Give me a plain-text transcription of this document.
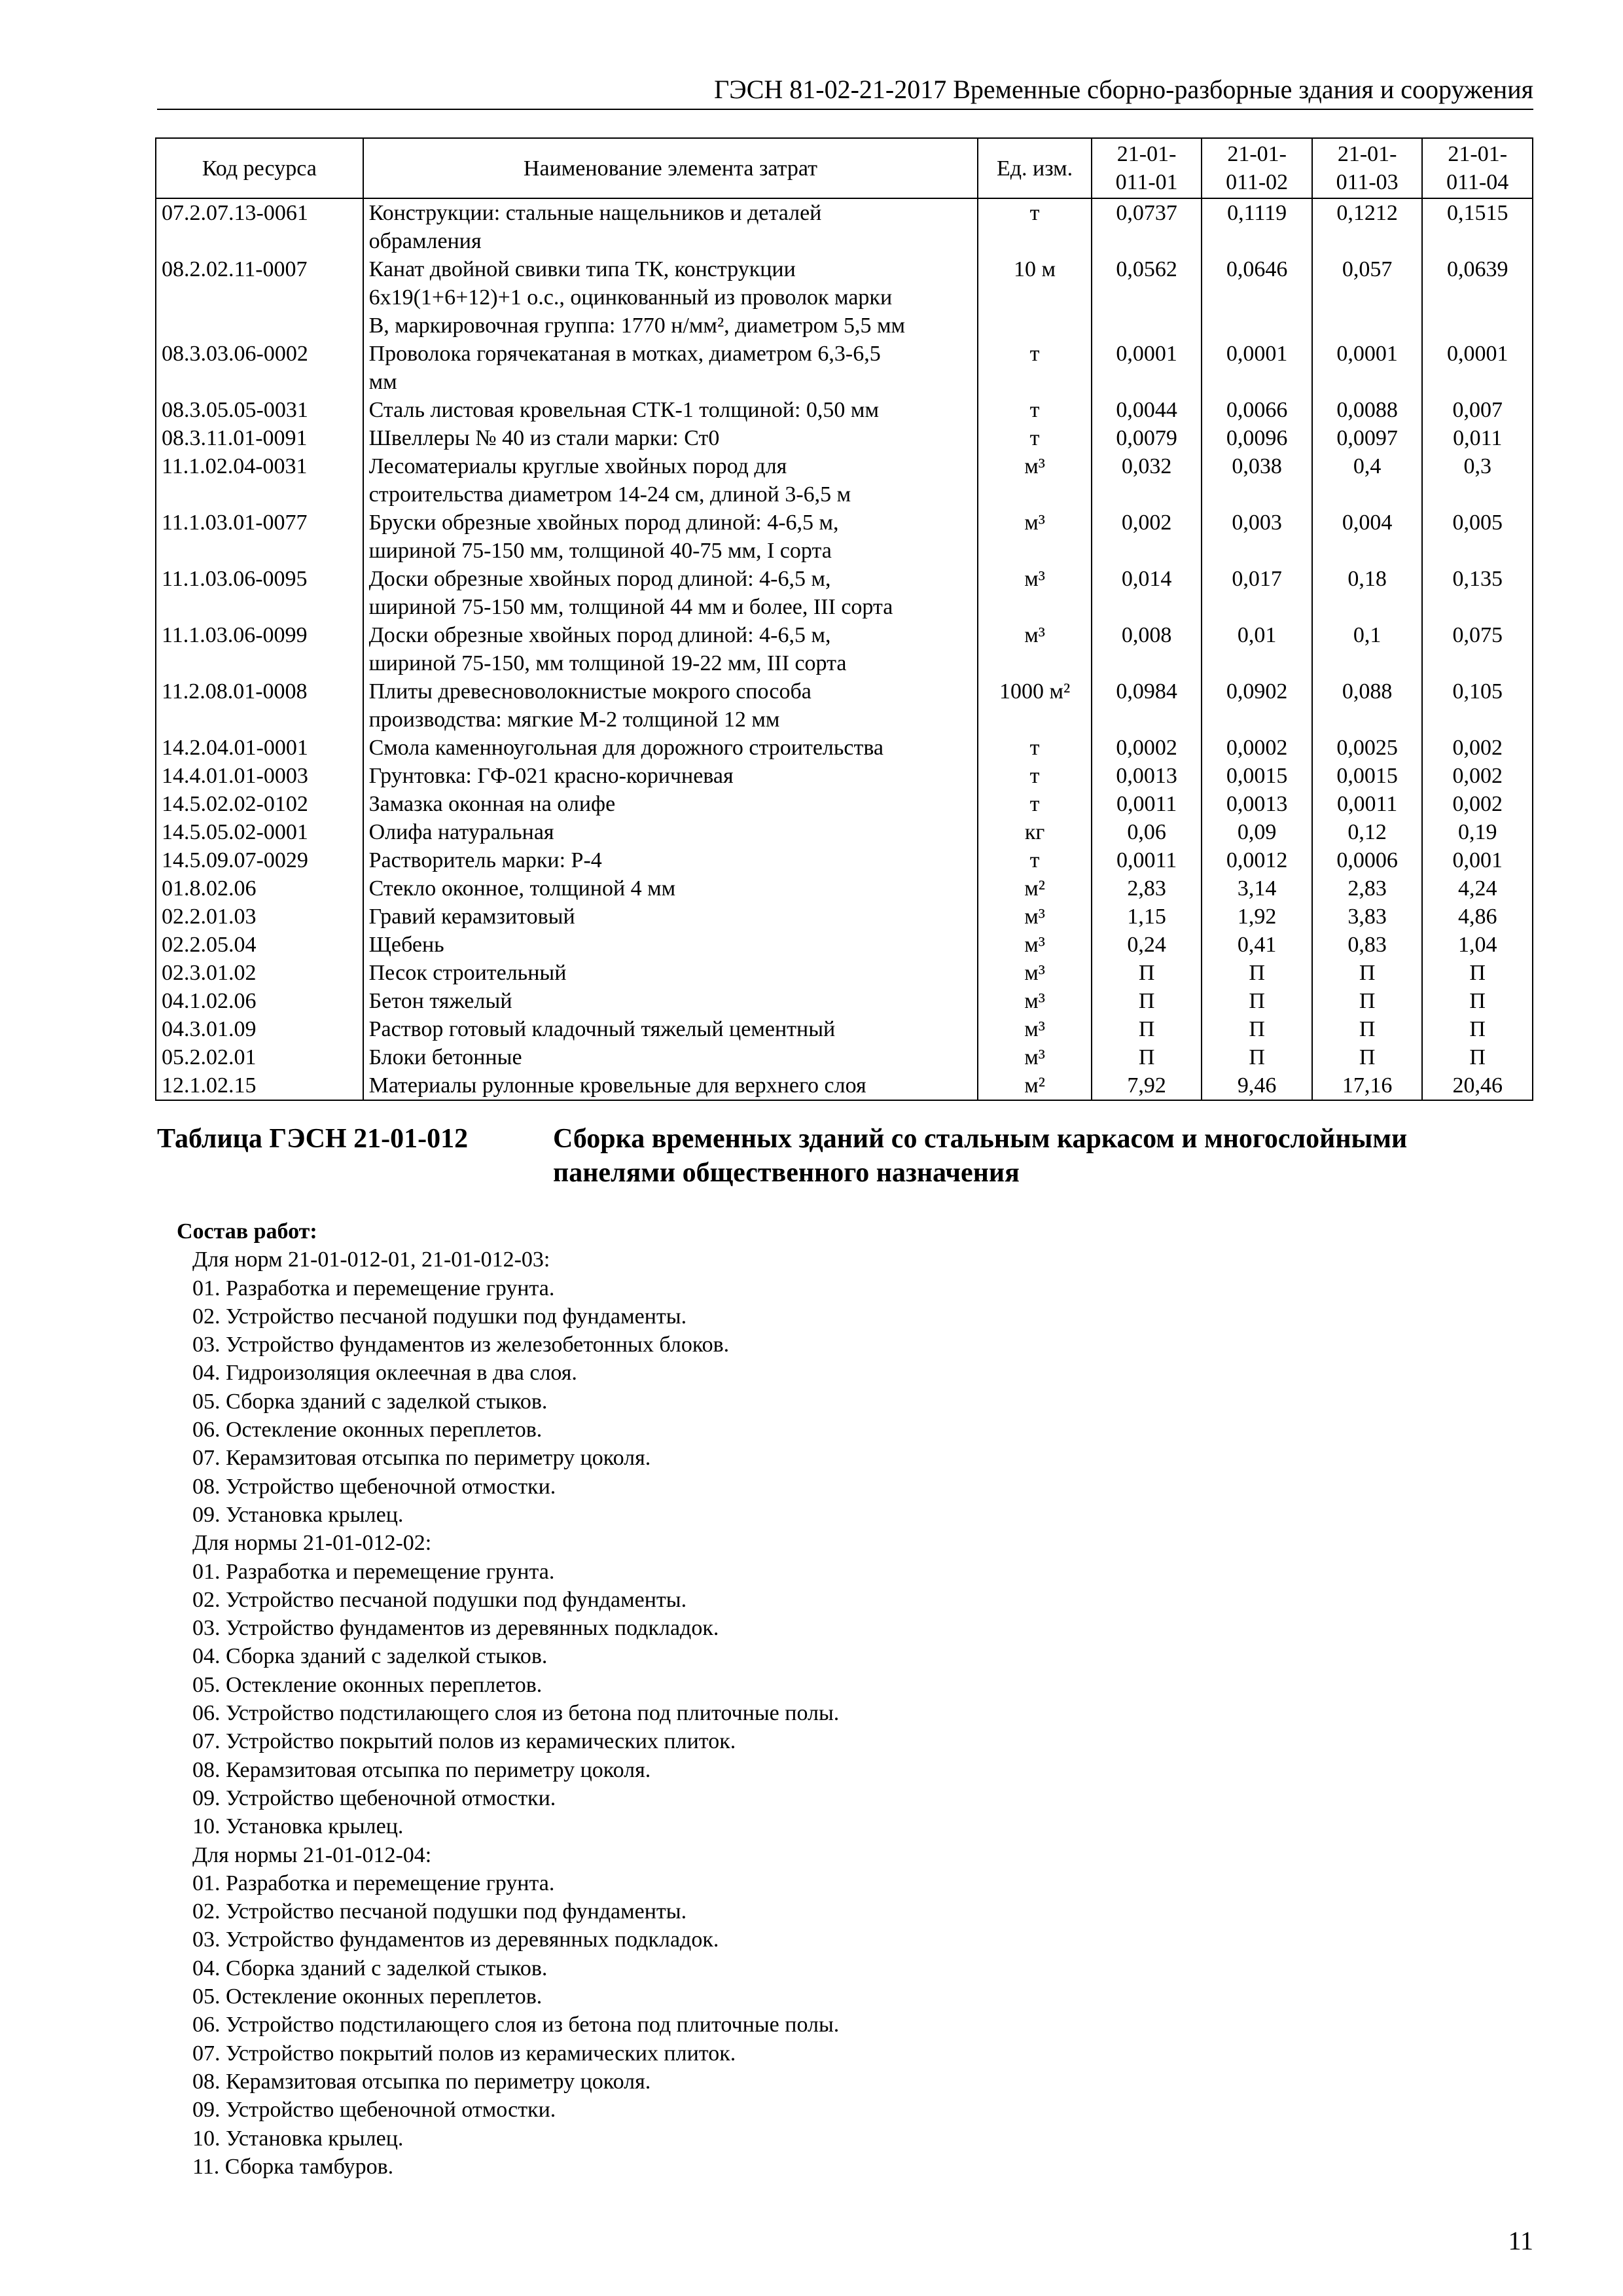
ГЭСН 81-02-21-2017 Временные сборно-разборные здания и сооружения
Код ресурса	Наименование элемента затрат	Ед. изм.	21-01-
011-01	21-01-
011-02	21-01-
011-03	21-01-
011-04
07.2.07.13-0061	Конструкции: стальные нащельников и деталей
обрамления	т	0,0737	0,1119	0,1212	0,1515
08.2.02.11-0007	Канат двойной свивки типа ТК, конструкции
6х19(1+6+12)+1 о.с., оцинкованный из проволок марки
В, маркировочная группа: 1770 н/мм², диаметром 5,5 мм	10 м	0,0562	0,0646	0,057	0,0639
08.3.03.06-0002	Проволока горячекатаная в мотках, диаметром 6,3-6,5
мм	т	0,0001	0,0001	0,0001	0,0001
08.3.05.05-0031	Сталь листовая кровельная СТК-1 толщиной: 0,50 мм	т	0,0044	0,0066	0,0088	0,007
08.3.11.01-0091	Швеллеры № 40 из стали марки: Ст0	т	0,0079	0,0096	0,0097	0,011
11.1.02.04-0031	Лесоматериалы круглые хвойных пород для
строительства диаметром 14-24 см, длиной 3-6,5 м	м³	0,032	0,038	0,4	0,3
11.1.03.01-0077	Бруски обрезные хвойных пород длиной: 4-6,5 м,
шириной 75-150 мм, толщиной 40-75 мм, I сорта	м³	0,002	0,003	0,004	0,005
11.1.03.06-0095	Доски обрезные хвойных пород длиной: 4-6,5 м,
шириной 75-150 мм, толщиной 44 мм и более, III сорта	м³	0,014	0,017	0,18	0,135
11.1.03.06-0099	Доски обрезные хвойных пород длиной: 4-6,5 м,
шириной 75-150, мм толщиной 19-22 мм, III сорта	м³	0,008	0,01	0,1	0,075
11.2.08.01-0008	Плиты древесноволокнистые мокрого способа
производства: мягкие М-2 толщиной 12 мм	1000 м²	0,0984	0,0902	0,088	0,105
14.2.04.01-0001	Смола каменноугольная для дорожного строительства	т	0,0002	0,0002	0,0025	0,002
14.4.01.01-0003	Грунтовка: ГФ-021 красно-коричневая	т	0,0013	0,0015	0,0015	0,002
14.5.02.02-0102	Замазка оконная на олифе	т	0,0011	0,0013	0,0011	0,002
14.5.05.02-0001	Олифа натуральная	кг	0,06	0,09	0,12	0,19
14.5.09.07-0029	Растворитель марки: Р-4	т	0,0011	0,0012	0,0006	0,001
01.8.02.06	Стекло оконное, толщиной 4 мм	м²	2,83	3,14	2,83	4,24
02.2.01.03	Гравий керамзитовый	м³	1,15	1,92	3,83	4,86
02.2.05.04	Щебень	м³	0,24	0,41	0,83	1,04
02.3.01.02	Песок строительный	м³	П	П	П	П
04.1.02.06	Бетон тяжелый	м³	П	П	П	П
04.3.01.09	Раствор готовый кладочный тяжелый цементный	м³	П	П	П	П
05.2.02.01	Блоки бетонные	м³	П	П	П	П
12.1.02.15	Материалы рулонные кровельные для верхнего слоя	м²	7,92	9,46	17,16	20,46
Таблица ГЭСН 21-01-012	Сборка временных зданий со стальным каркасом и многослойными
панелями общественного назначения
Состав работ:
Для норм 21-01-012-01, 21-01-012-03:
01. Разработка и перемещение грунта.
02. Устройство песчаной подушки под фундаменты.
03. Устройство фундаментов из железобетонных блоков.
04. Гидроизоляция оклеечная в два слоя.
05. Сборка зданий с заделкой стыков.
06. Остекление оконных переплетов.
07. Керамзитовая отсыпка по периметру цоколя.
08. Устройство щебеночной отмостки.
09. Установка крылец.
Для нормы 21-01-012-02:
01. Разработка и перемещение грунта.
02. Устройство песчаной подушки под фундаменты.
03. Устройство фундаментов из деревянных подкладок.
04. Сборка зданий с заделкой стыков.
05. Остекление оконных переплетов.
06. Устройство подстилающего слоя из бетона под плиточные полы.
07. Устройство покрытий полов из керамических плиток.
08. Керамзитовая отсыпка по периметру цоколя.
09. Устройство щебеночной отмостки.
10. Установка крылец.
Для нормы 21-01-012-04:
01. Разработка и перемещение грунта.
02. Устройство песчаной подушки под фундаменты.
03. Устройство фундаментов из деревянных подкладок.
04. Сборка зданий с заделкой стыков.
05. Остекление оконных переплетов.
06. Устройство подстилающего слоя из бетона под плиточные полы.
07. Устройство покрытий полов из керамических плиток.
08. Керамзитовая отсыпка по периметру цоколя.
09. Устройство щебеночной отмостки.
10. Установка крылец.
11. Сборка тамбуров.
11
